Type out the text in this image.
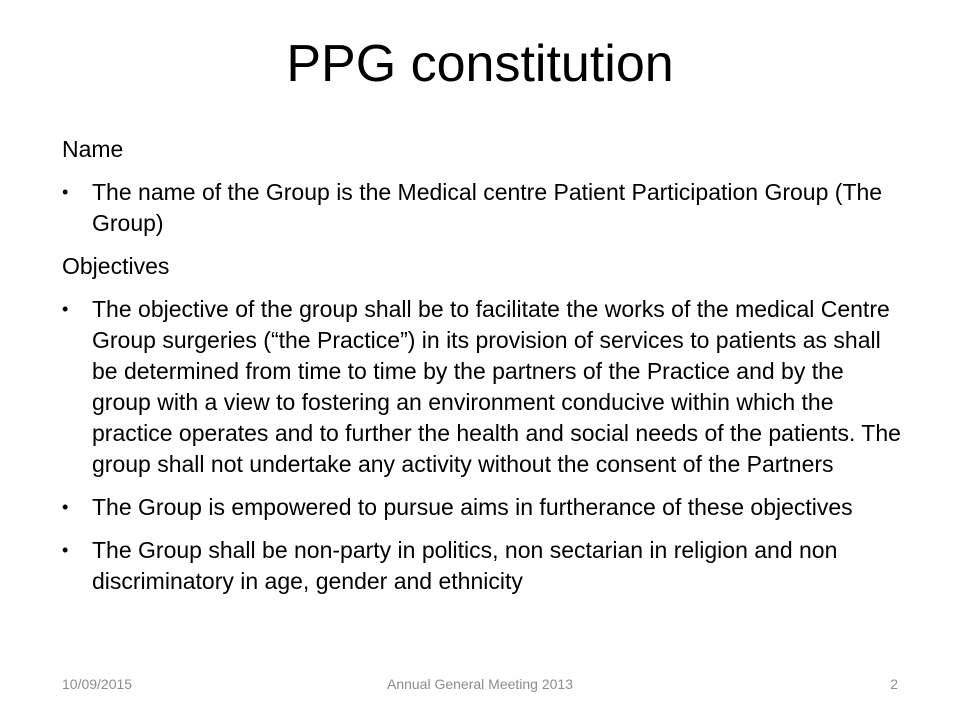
PPG constitution
Name
•	The name of the Group is the Medical centre Patient Participation Group (The Group)
Objectives
•	The objective of the group shall be to facilitate the works of the medical Centre Group surgeries (“the Practice”) in its provision of services to patients as shall be determined from time to time by the partners of the Practice and by the group with a view to fostering an environment conducive within which the practice operates and to further the health and social needs of the patients. The group shall not undertake any activity without the consent of the Partners
•	The Group is empowered to pursue aims in furtherance of these objectives
•	The Group shall be non-party in politics, non sectarian in religion and non discriminatory in age, gender and ethnicity
10/09/2015	Annual General Meeting 2013	2
